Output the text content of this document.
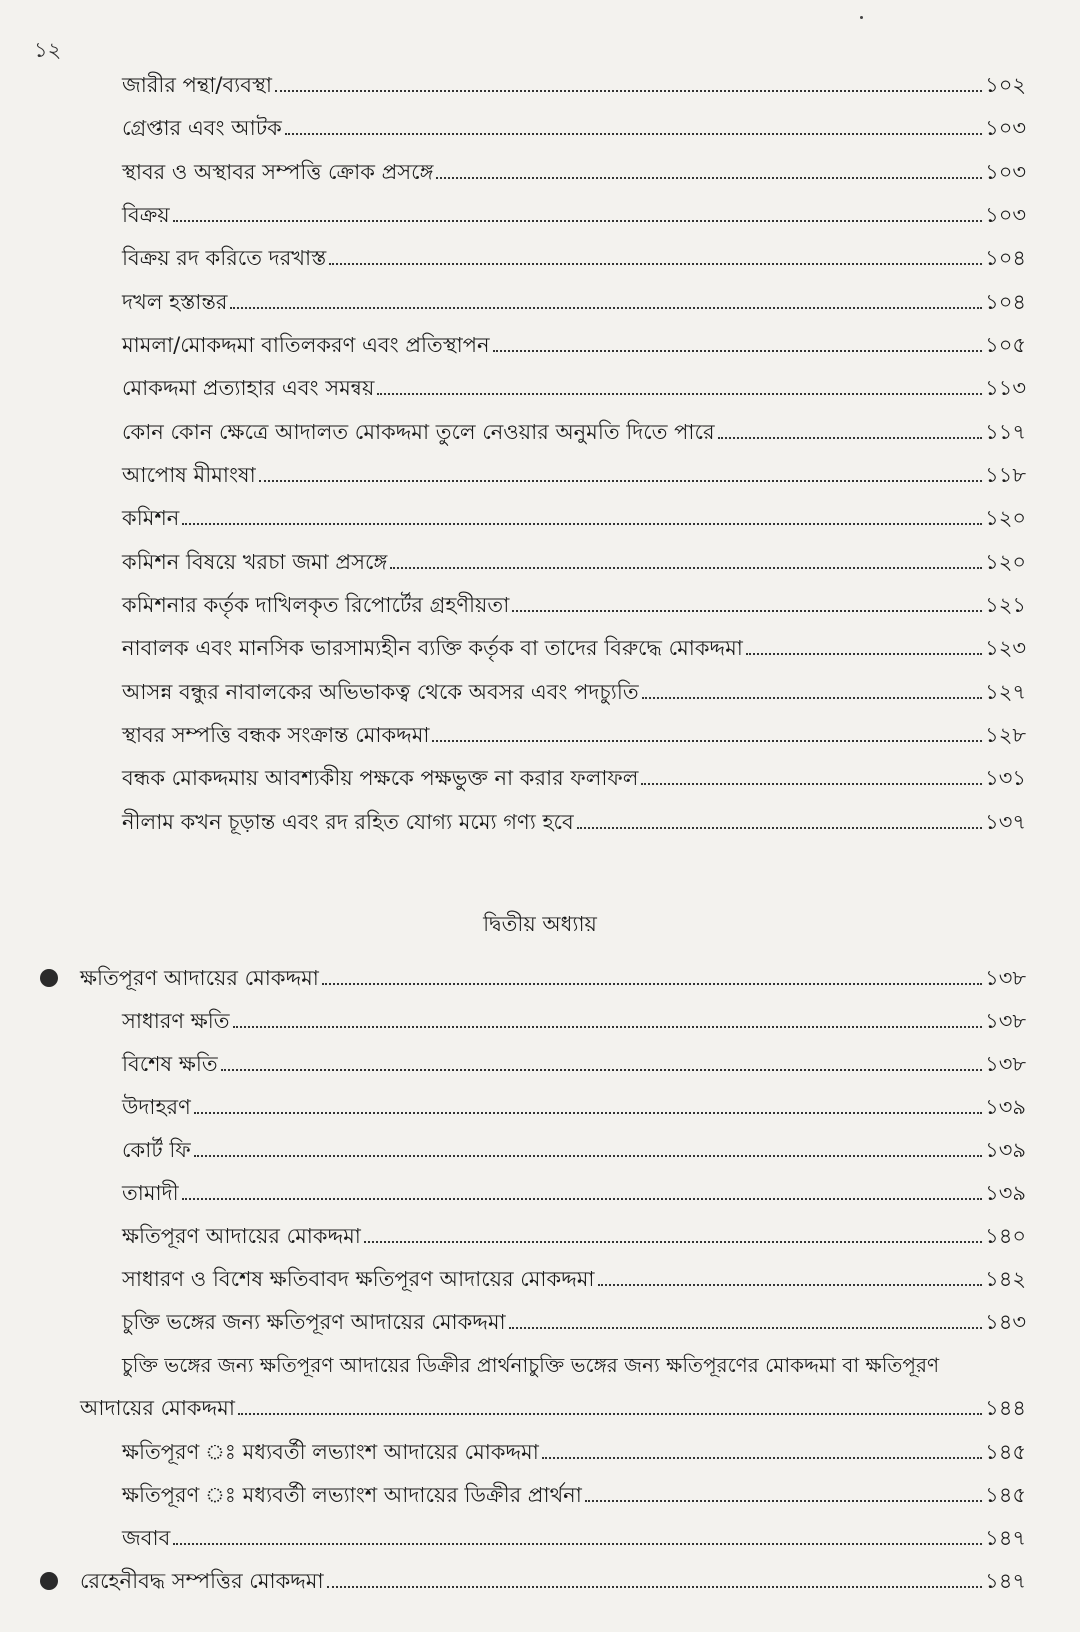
১২
জারীর পন্থা/ব্যবস্থা	১০২
গ্রেপ্তার এবং আটক	১০৩
স্থাবর ও অস্থাবর সম্পত্তি ক্রোক প্রসঙ্গে	১০৩
বিক্রয়	১০৩
বিক্রয় রদ করিতে দরখাস্ত	১০৪
দখল হস্তান্তর	১০৪
মামলা/মোকদ্দমা বাতিলকরণ এবং প্রতিস্থাপন	১০৫
মোকদ্দমা প্রত্যাহার এবং সমন্বয়	১১৩
কোন কোন ক্ষেত্রে আদালত মোকদ্দমা তুলে নেওয়ার অনুমতি দিতে পারে	১১৭
আপোষ মীমাংষা	১১৮
কমিশন	১২০
কমিশন বিষয়ে খরচা জমা প্রসঙ্গে	১২০
কমিশনার কর্তৃক দাখিলকৃত রিপোর্টের গ্রহণীয়তা	১২১
নাবালক এবং মানসিক ভারসাম্যহীন ব্যক্তি কর্তৃক বা তাদের বিরুদ্ধে মোকদ্দমা	১২৩
আসন্ন বন্ধুর নাবালকের অভিভাকত্ব থেকে অবসর এবং পদচ্যুতি	১২৭
স্থাবর সম্পত্তি বন্ধক সংক্রান্ত মোকদ্দমা	১২৮
বন্ধক মোকদ্দমায় আবশ্যকীয় পক্ষকে পক্ষভুক্ত না করার ফলাফল	১৩১
নীলাম কখন চূড়ান্ত এবং রদ রহিত যোগ্য মম্যে গণ্য হবে	১৩৭
দ্বিতীয় অধ্যায়
ক্ষতিপূরণ আদায়ের মোকদ্দমা	১৩৮
সাধারণ ক্ষতি	১৩৮
বিশেষ ক্ষতি	১৩৮
উদাহরণ	১৩৯
কোর্ট ফি	১৩৯
তামাদী	১৩৯
ক্ষতিপূরণ আদায়ের মোকদ্দমা	১৪০
সাধারণ ও বিশেষ ক্ষতিবাবদ ক্ষতিপূরণ আদায়ের মোকদ্দমা	১৪২
চুক্তি ভঙ্গের জন্য ক্ষতিপূরণ আদায়ের মোকদ্দমা	১৪৩
চুক্তি ভঙ্গের জন্য ক্ষতিপূরণ আদায়ের ডিক্রীর প্রার্থনাচুক্তি ভঙ্গের জন্য ক্ষতিপূরণের মোকদ্দমা বা ক্ষতিপূরণ
আদায়ের মোকদ্দমা	১৪৪
ক্ষতিপূরণ ঃ মধ্যবর্তী লভ্যাংশ আদায়ের মোকদ্দমা	১৪৫
ক্ষতিপূরণ ঃ মধ্যবর্তী লভ্যাংশ আদায়ের ডিক্রীর প্রার্থনা	১৪৫
জবাব	১৪৭
রেহেনীবদ্ধ সম্পত্তির মোকদ্দমা	১৪৭
